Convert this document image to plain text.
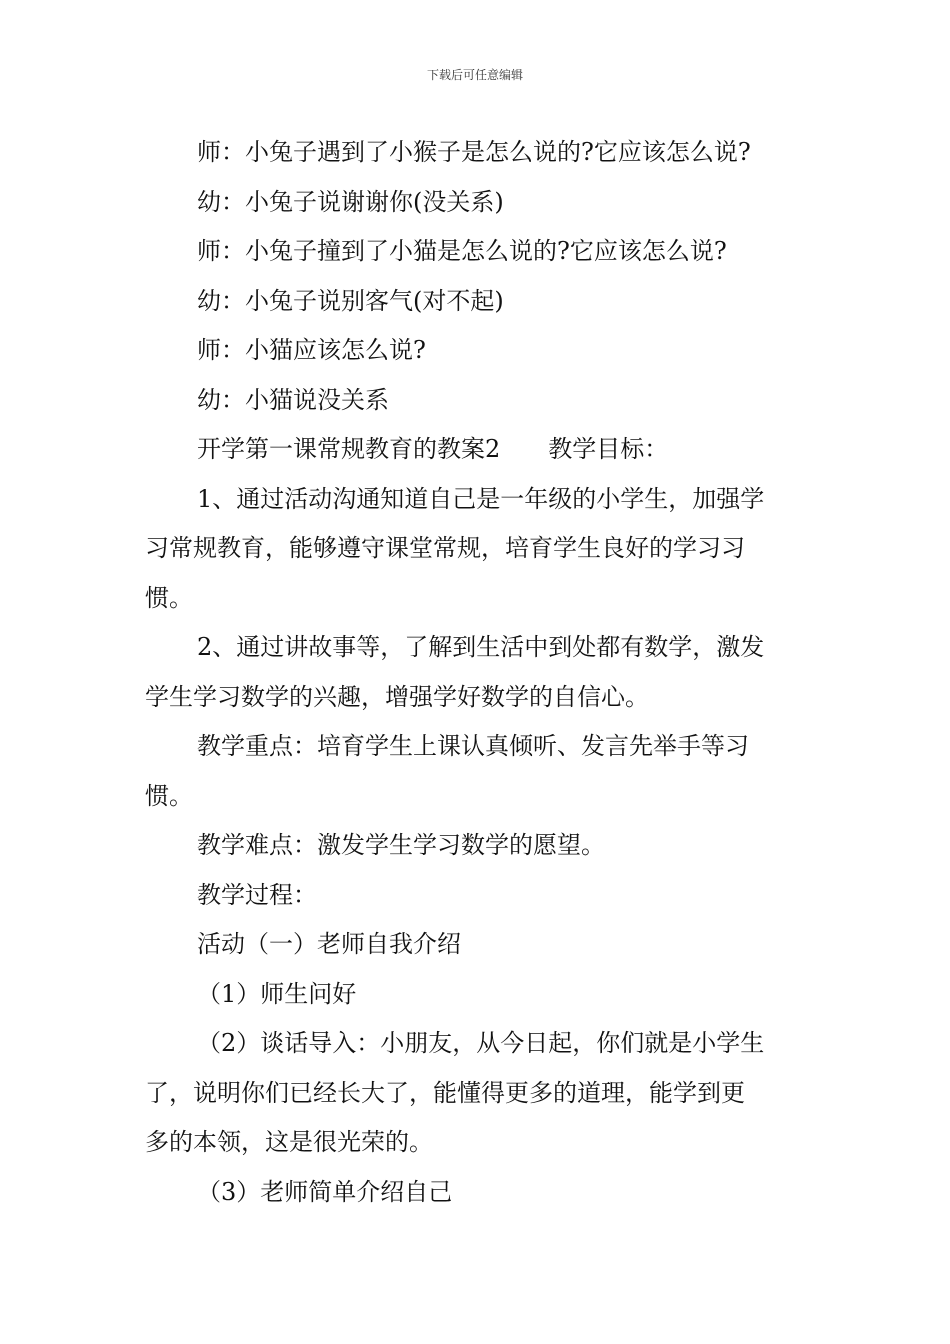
下载后可任意编辑

师：小兔子遇到了小猴子是怎么说的?它应该怎么说?

幼：小兔子说谢谢你(没关系)

师：小兔子撞到了小猫是怎么说的?它应该怎么说?

幼：小兔子说别客气(对不起)

师：小猫应该怎么说?

幼：小猫说没关系

开学第一课常规教育的教案2 教学目标：

1、通过活动沟通知道自己是一年级的小学生，加强学

习常规教育，能够遵守课堂常规，培育学生良好的学习习

惯。

2、通过讲故事等，了解到生活中到处都有数学，激发

学生学习数学的兴趣，增强学好数学的自信心。

教学重点：培育学生上课认真倾听、发言先举手等习

惯。

教学难点：激发学生学习数学的愿望。

教学过程：

活动（一）老师自我介绍

（1）师生问好

（2）谈话导入：小朋友，从今日起，你们就是小学生

了，说明你们已经长大了，能懂得更多的道理，能学到更

多的本领，这是很光荣的。

（3）老师简单介绍自己
